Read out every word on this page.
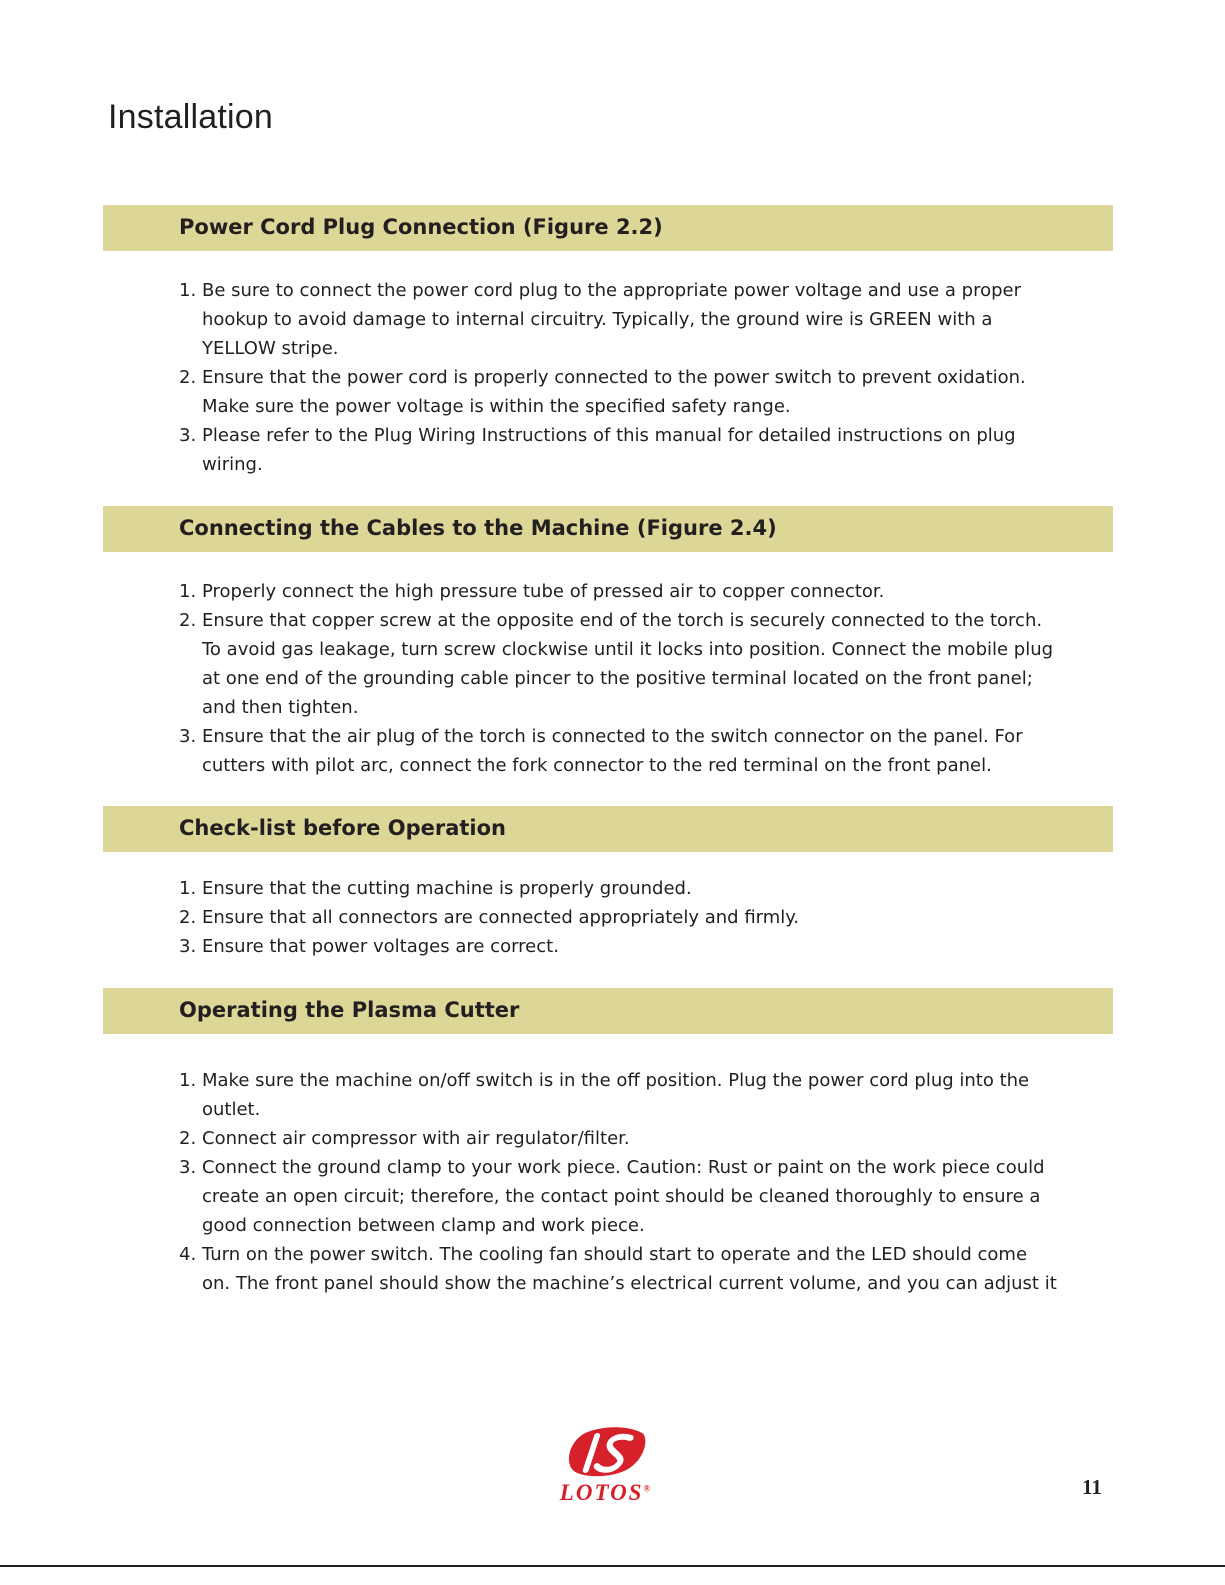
Installation
Power Cord Plug Connection (Figure 2.2)
1. Be sure to connect the power cord plug to the appropriate power voltage and use a proper
hookup to avoid damage to internal circuitry. Typically, the ground wire is GREEN with a
YELLOW stripe.
2. Ensure that the power cord is properly connected to the power switch to prevent oxidation.
Make sure the power voltage is within the specified safety range.
3. Please refer to the Plug Wiring Instructions of this manual for detailed instructions on plug
wiring.
Connecting the Cables to the Machine (Figure 2.4)
1. Properly connect the high pressure tube of pressed air to copper connector.
2. Ensure that copper screw at the opposite end of the torch is securely connected to the torch.
To avoid gas leakage, turn screw clockwise until it locks into position. Connect the mobile plug
at one end of the grounding cable pincer to the positive terminal located on the front panel;
and then tighten.
3. Ensure that the air plug of the torch is connected to the switch connector on the panel. For
cutters with pilot arc, connect the fork connector to the red terminal on the front panel.
Check-list before Operation
1. Ensure that the cutting machine is properly grounded.
2. Ensure that all connectors are connected appropriately and firmly.
3. Ensure that power voltages are correct.
Operating the Plasma Cutter
1. Make sure the machine on/off switch is in the off position. Plug the power cord plug into the
outlet.
2. Connect air compressor with air regulator/filter.
3. Connect the ground clamp to your work piece. Caution: Rust or paint on the work piece could
create an open circuit; therefore, the contact point should be cleaned thoroughly to ensure a
good connection between clamp and work piece.
4. Turn on the power switch. The cooling fan should start to operate and the LED should come
on. The front panel should show the machine’s electrical current volume, and you can adjust it
LOTOS®	11
